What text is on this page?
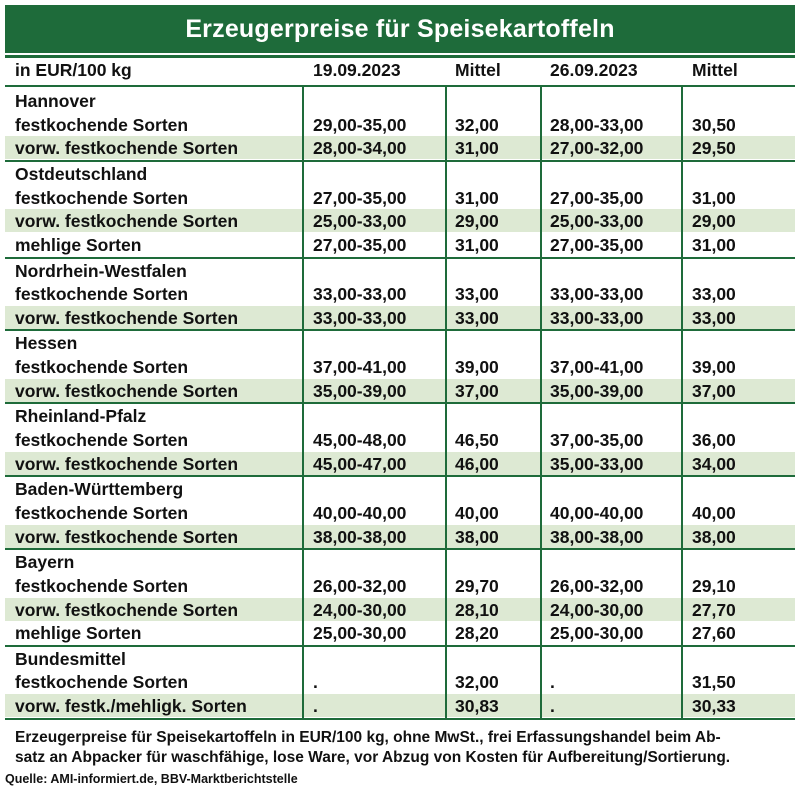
Erzeugerpreise für Speisekartoffeln
in EUR/100 kg	19.09.2023	Mittel	26.09.2023	Mittel
Hannover
festkochende Sorten	29,00-35,00	32,00	28,00-33,00	30,50
vorw. festkochende Sorten	28,00-34,00	31,00	27,00-32,00	29,50
Ostdeutschland
festkochende Sorten	27,00-35,00	31,00	27,00-35,00	31,00
vorw. festkochende Sorten	25,00-33,00	29,00	25,00-33,00	29,00
mehlige Sorten	27,00-35,00	31,00	27,00-35,00	31,00
Nordrhein-Westfalen
festkochende Sorten	33,00-33,00	33,00	33,00-33,00	33,00
vorw. festkochende Sorten	33,00-33,00	33,00	33,00-33,00	33,00
Hessen
festkochende Sorten	37,00-41,00	39,00	37,00-41,00	39,00
vorw. festkochende Sorten	35,00-39,00	37,00	35,00-39,00	37,00
Rheinland-Pfalz
festkochende Sorten	45,00-48,00	46,50	37,00-35,00	36,00
vorw. festkochende Sorten	45,00-47,00	46,00	35,00-33,00	34,00
Baden-Württemberg
festkochende Sorten	40,00-40,00	40,00	40,00-40,00	40,00
vorw. festkochende Sorten	38,00-38,00	38,00	38,00-38,00	38,00
Bayern
festkochende Sorten	26,00-32,00	29,70	26,00-32,00	29,10
vorw. festkochende Sorten	24,00-30,00	28,10	24,00-30,00	27,70
mehlige Sorten	25,00-30,00	28,20	25,00-30,00	27,60
Bundesmittel
festkochende Sorten	.	32,00	.	31,50
vorw. festk./mehligk. Sorten	.	30,83	.	30,33
Erzeugerpreise für Speisekartoffeln in EUR/100 kg, ohne MwSt., frei Erfassungshandel beim Ab-
satz an Abpacker für waschfähige, lose Ware, vor Abzug von Kosten für Aufbereitung/Sortierung.
Quelle: AMI-informiert.de, BBV-Marktberichtstelle
